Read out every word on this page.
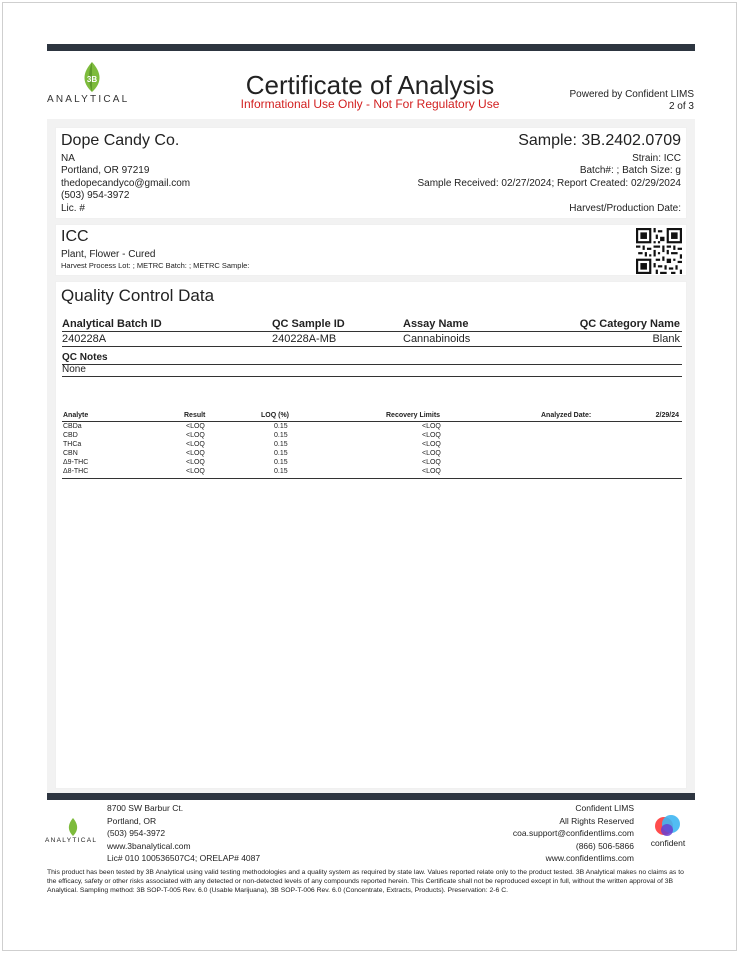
3B
ANALYTICAL	Certificate of Analysis
Informational Use Only - Not For Regulatory Use
Powered by Confident LIMS
2 of 3
Dope Candy Co.
NA
Portland, OR 97219
thedopecandyco@gmail.com
(503) 954-3972
Lic. #
Sample: 3B.2402.0709
Strain: ICC
Batch#: ; Batch Size: g
Sample Received: 02/27/2024; Report Created: 02/29/2024
Harvest/Production Date:
ICC
Plant, Flower - Cured
Harvest Process Lot: ; METRC Batch: ; METRC Sample:
Quality Control Data
Analytical Batch ID	QC Sample ID	Assay Name	QC Category Name
240228A	240228A-MB	Cannabinoids	Blank
QC Notes
None
Analyte	Result	LOQ (%)	Recovery Limits	Analyzed Date:	2/29/24
CBDa	<LOQ	0.15	<LOQ
CBD	<LOQ	0.15	<LOQ
THCa	<LOQ	0.15	<LOQ
CBN	<LOQ	0.15	<LOQ
Δ9-THC	<LOQ	0.15	<LOQ
Δ8-THC	<LOQ	0.15	<LOQ
ANALYTICAL
8700 SW Barbur Ct.
Portland, OR
(503) 954-3972
www.3banalytical.com
Lic# 010 100536507C4; ORELAP# 4087
Confident LIMS
All Rights Reserved
coa.support@confidentlims.com
(866) 506-5866
www.confidentlims.com
confident
This product has been tested by 3B Analytical using valid testing methodologies and a quality system as required by state law. Values reported relate only to the product tested. 3B Analytical makes no claims as to the efficacy, safety or other risks associated with any detected or non-detected levels of any compounds reported herein. This Certificate shall not be reproduced except in full, without the written approval of 3B Analytical. Sampling method: 3B SOP-T-005 Rev. 6.0 (Usable Marijuana), 3B SOP-T-006 Rev. 6.0 (Concentrate, Extracts, Products). Preservation: 2-6 C.
